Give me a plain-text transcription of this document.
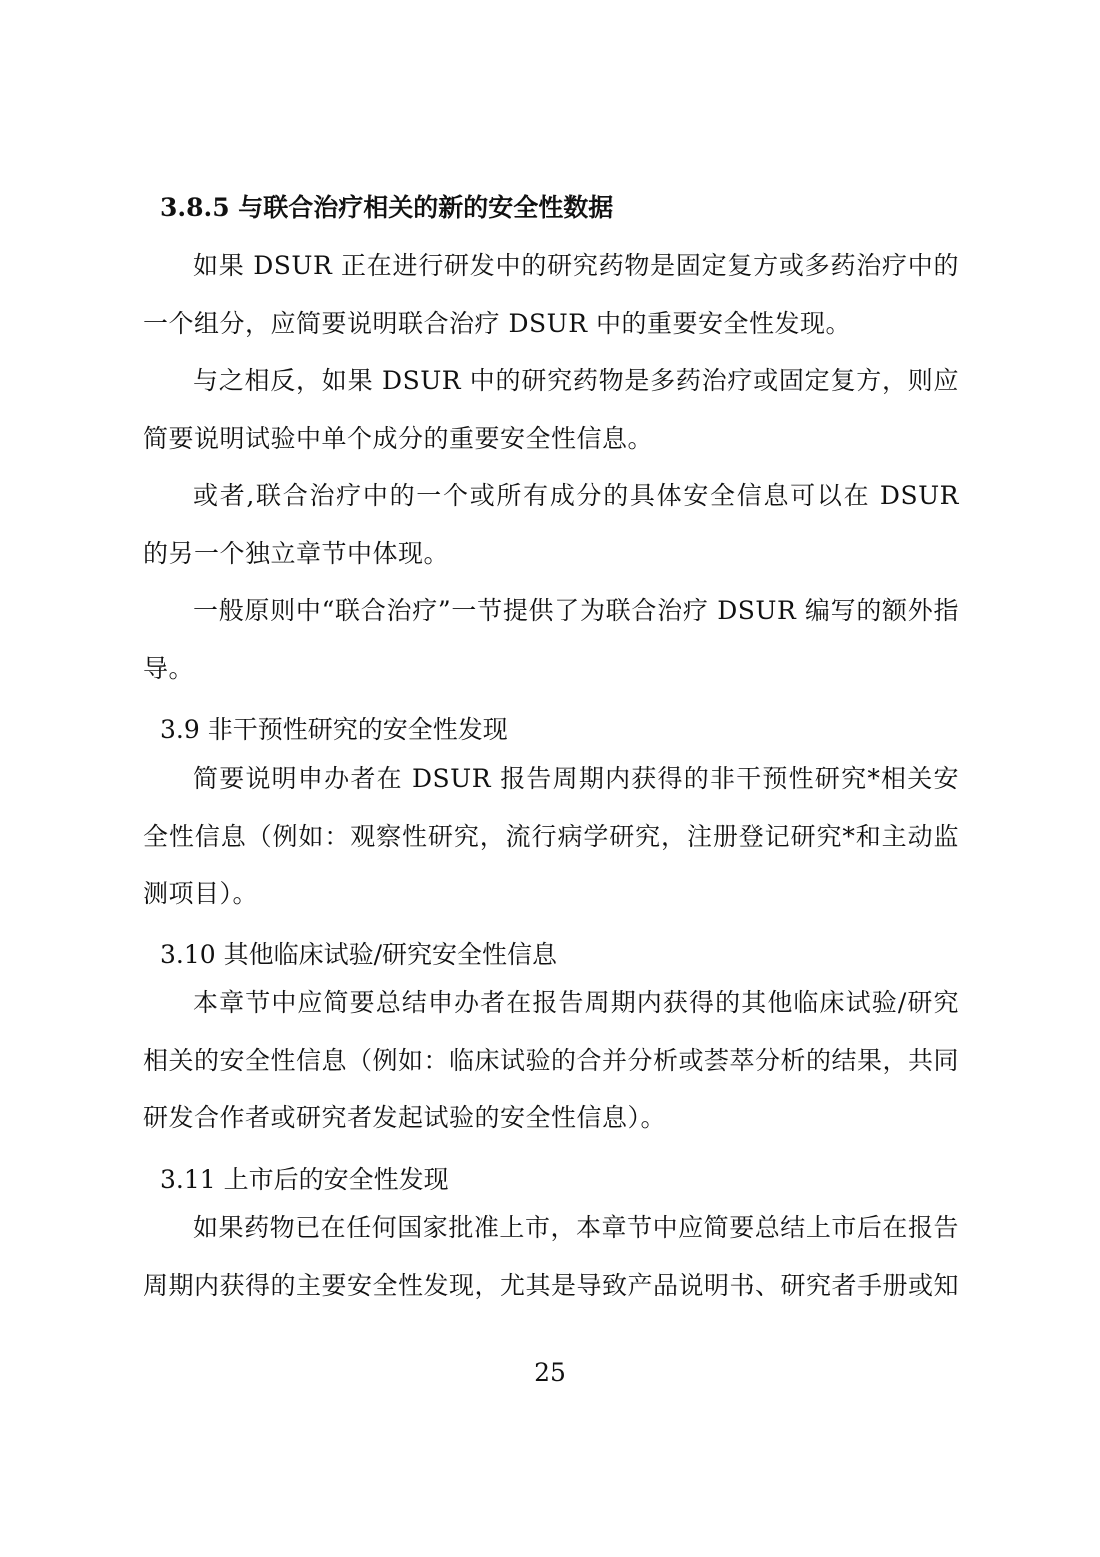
3.8.5 与联合治疗相关的新的安全性数据

如果 DSUR 正在进行研发中的研究药物是固定复方或多药治疗中的一个组分，应简要说明联合治疗 DSUR 中的重要安全性发现。

与之相反，如果 DSUR 中的研究药物是多药治疗或固定复方，则应简要说明试验中单个成分的重要安全性信息。

或者,联合治疗中的一个或所有成分的具体安全信息可以在 DSUR 的另一个独立章节中体现。

一般原则中“联合治疗”一节提供了为联合治疗 DSUR 编写的额外指导。

3.9 非干预性研究的安全性发现

简要说明申办者在 DSUR 报告周期内获得的非干预性研究*相关安全性信息（例如：观察性研究，流行病学研究，注册登记研究*和主动监测项目）。

3.10 其他临床试验/研究安全性信息

本章节中应简要总结申办者在报告周期内获得的其他临床试验/研究相关的安全性信息（例如：临床试验的合并分析或荟萃分析的结果，共同研发合作者或研究者发起试验的安全性信息）。

3.11 上市后的安全性发现

如果药物已在任何国家批准上市，本章节中应简要总结上市后在报告周期内获得的主要安全性发现，尤其是导致产品说明书、研究者手册或知

25
